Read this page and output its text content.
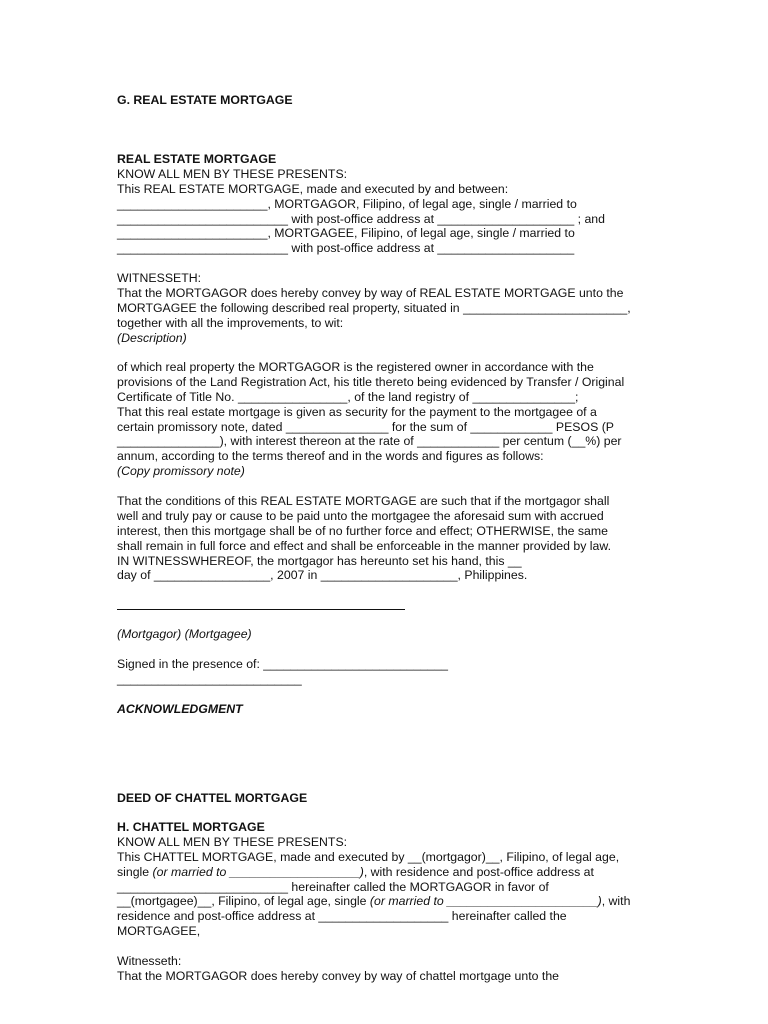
G. REAL ESTATE MORTGAGE
REAL ESTATE MORTGAGE
KNOW ALL MEN BY THESE PRESENTS:
This REAL ESTATE MORTGAGE, made and executed by and between:
______________________, MORTGAGOR, Filipino, of legal age, single / married to
_________________________ with post-office address at ____________________ ; and
______________________, MORTGAGEE, Filipino, of legal age, single / married to
_________________________ with post-office address at ____________________
WITNESSETH:
That the MORTGAGOR does hereby convey by way of REAL ESTATE MORTGAGE unto the
MORTGAGEE the following described real property, situated in ________________________,
together with all the improvements, to wit:
(Description)
of which real property the MORTGAGOR is the registered owner in accordance with the
provisions of the Land Registration Act, his title thereto being evidenced by Transfer / Original
Certificate of Title No. ________________, of the land registry of _______________;
That this real estate mortgage is given as security for the payment to the mortgagee of a
certain promissory note, dated _______________ for the sum of ____________ PESOS (P
_______________), with interest thereon at the rate of ____________ per centum (__%) per
annum, according to the terms thereof and in the words and figures as follows:
(Copy promissory note)
That the conditions of this REAL ESTATE MORTGAGE are such that if the mortgagor shall
well and truly pay or cause to be paid unto the mortgagee the aforesaid sum with accrued
interest, then this mortgage shall be of no further force and effect; OTHERWISE, the same
shall remain in full force and effect and shall be enforceable in the manner provided by law.
IN WITNESSWHEREOF, the mortgagor has hereunto set his hand, this __
day of _________________, 2007 in ____________________, Philippines.
(Mortgagor) (Mortgagee)
Signed in the presence of: ___________________________
___________________________
ACKNOWLEDGMENT
DEED OF CHATTEL MORTGAGE
H. CHATTEL MORTGAGE
KNOW ALL MEN BY THESE PRESENTS:
This CHATTEL MORTGAGE, made and executed by __(mortgagor)__, Filipino, of legal age,
single (or married to ___________________), with residence and post-office address at
_________________________ hereinafter called the MORTGAGOR in favor of
__(mortgagee)__, Filipino, of legal age, single (or married to ______________________), with
residence and post-office address at ___________________ hereinafter called the
MORTGAGEE,
Witnesseth:
That the MORTGAGOR does hereby convey by way of chattel mortgage unto the
